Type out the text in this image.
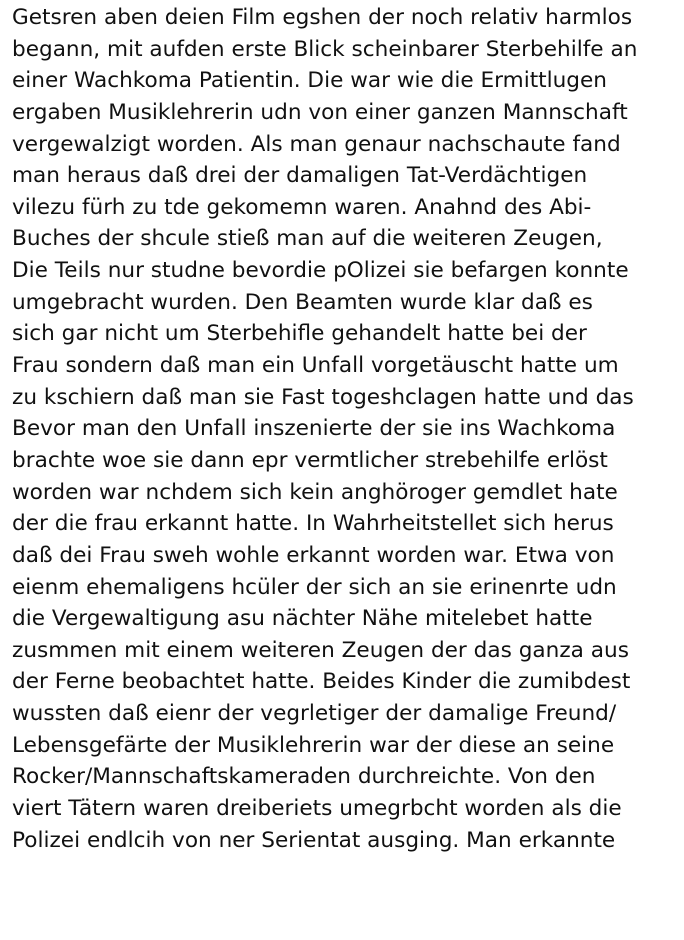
Getsren aben deien Film egshen der noch relativ harmlos
begann, mit aufden erste Blick scheinbarer Sterbehilfe an
einer Wachkoma Patientin. Die war wie die Ermittlugen
ergaben Musiklehrerin udn von einer ganzen Mannschaft
vergewalzigt worden. Als man genaur nachschaute fand
man heraus daß drei der damaligen Tat-Verdächtigen
vilezu fürh zu tde gekomemn waren. Anahnd des Abi-
Buches der shcule stieß man auf die weiteren Zeugen,
Die Teils nur studne bevordie pOlizei sie befargen konnte
umgebracht wurden. Den Beamten wurde klar daß es
sich gar nicht um Sterbehifle gehandelt hatte bei der
Frau sondern daß man ein Unfall vorgetäuscht hatte um
zu kschiern daß man sie Fast togeshclagen hatte und das
Bevor man den Unfall inszenierte der sie ins Wachkoma
brachte woe sie dann epr vermtlicher strebehilfe erlöst
worden war nchdem sich kein anghöroger gemdlet hate
der die frau erkannt hatte. In Wahrheitstellet sich herus
daß dei Frau sweh wohle erkannt worden war. Etwa von
eienm ehemaligens hcüler der sich an sie erinenrte udn
die Vergewaltigung asu nächter Nähe mitelebet hatte
zusmmen mit einem weiteren Zeugen der das ganza aus
der Ferne beobachtet hatte. Beides Kinder die zumibdest
wussten daß eienr der vegrletiger der damalige Freund/
Lebensgefärte der Musiklehrerin war der diese an seine
Rocker/Mannschaftskameraden durchreichte. Von den
viert Tätern waren dreiberiets umegrbcht worden als die
Polizei endlcih von ner Serientat ausging. Man erkannte
